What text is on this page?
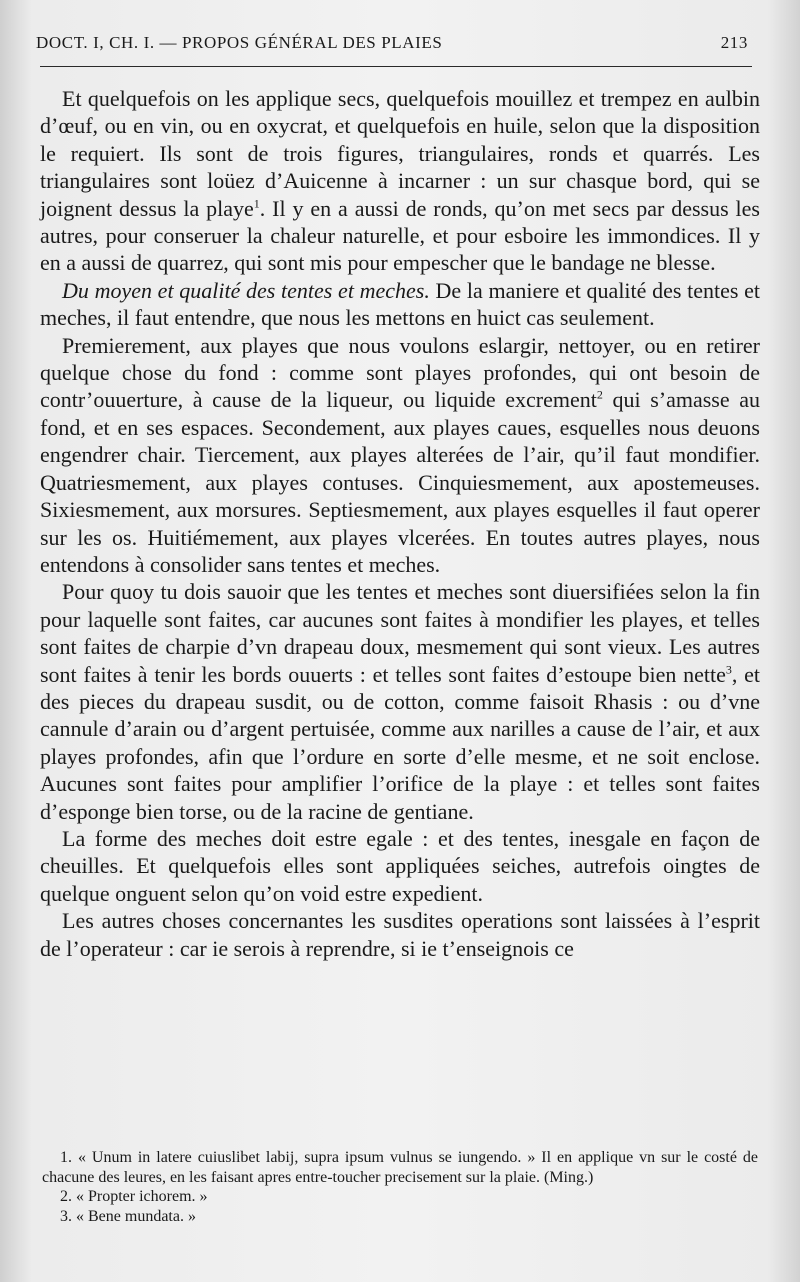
DOCT. I, CH. I. — PROPOS GÉNÉRAL DES PLAIES	213

Et quelquefois on les applique secs, quelquefois mouillez et trempez en aulbin d’œuf, ou en vin, ou en oxycrat, et quelquefois en huile, selon que la disposition le requiert. Ils sont de trois figures, triangulaires, ronds et quarrés. Les triangulaires sont loüez d’Auicenne à incarner : un sur chasque bord, qui se joignent dessus la playe$^1$. Il y en a aussi de ronds, qu’on met secs par dessus les autres, pour conseruer la chaleur naturelle, et pour esboire les immondices. Il y en a aussi de quarrez, qui sont mis pour empescher que le bandage ne blesse.

Du moyen et qualité des tentes et meches. De la maniere et qualité des tentes et meches, il faut entendre, que nous les mettons en huict cas seulement.

Premierement, aux playes que nous voulons eslargir, nettoyer, ou en retirer quelque chose du fond : comme sont playes profondes, qui ont besoin de contr’ouuerture, à cause de la liqueur, ou liquide excrement$^2$ qui s’amasse au fond, et en ses espaces. Secondement, aux playes caues, esquelles nous deuons engendrer chair. Tiercement, aux playes alterées de l’air, qu’il faut mondifier. Quatriesmement, aux playes contuses. Cinquiesmement, aux apostemeuses. Sixiesmement, aux morsures. Septiesmement, aux playes esquelles il faut operer sur les os. Huitiémement, aux playes vlcerées. En toutes autres playes, nous entendons à consolider sans tentes et meches.

Pour quoy tu dois sauoir que les tentes et meches sont diuersifiées selon la fin pour laquelle sont faites, car aucunes sont faites à mondifier les playes, et telles sont faites de charpie d’vn drapeau doux, mesmement qui sont vieux. Les autres sont faites à tenir les bords ouuerts : et telles sont faites d’estoupe bien nette$^3$, et des pieces du drapeau susdit, ou de cotton, comme faisoit Rhasis : ou d’vne cannule d’arain ou d’argent pertuisée, comme aux narilles a cause de l’air, et aux playes profondes, afin que l’ordure en sorte d’elle mesme, et ne soit enclose. Aucunes sont faites pour amplifier l’orifice de la playe : et telles sont faites d’esponge bien torse, ou de la racine de gentiane.

La forme des meches doit estre egale : et des tentes, inesgale en façon de cheuilles. Et quelquefois elles sont appliquées seiches, autrefois oingtes de quelque onguent selon qu’on void estre expedient.

Les autres choses concernantes les susdites operations sont laissées à l’esprit de l’operateur : car ie serois à reprendre, si ie t’enseignois ce

1. « Unum in latere cuiuslibet labij, supra ipsum vulnus se iungendo. » Il en applique vn sur le costé de chacune des leures, en les faisant apres entre-toucher precisement sur la plaie. (Ming.)

2. « Propter ichorem. »

3. « Bene mundata. »
